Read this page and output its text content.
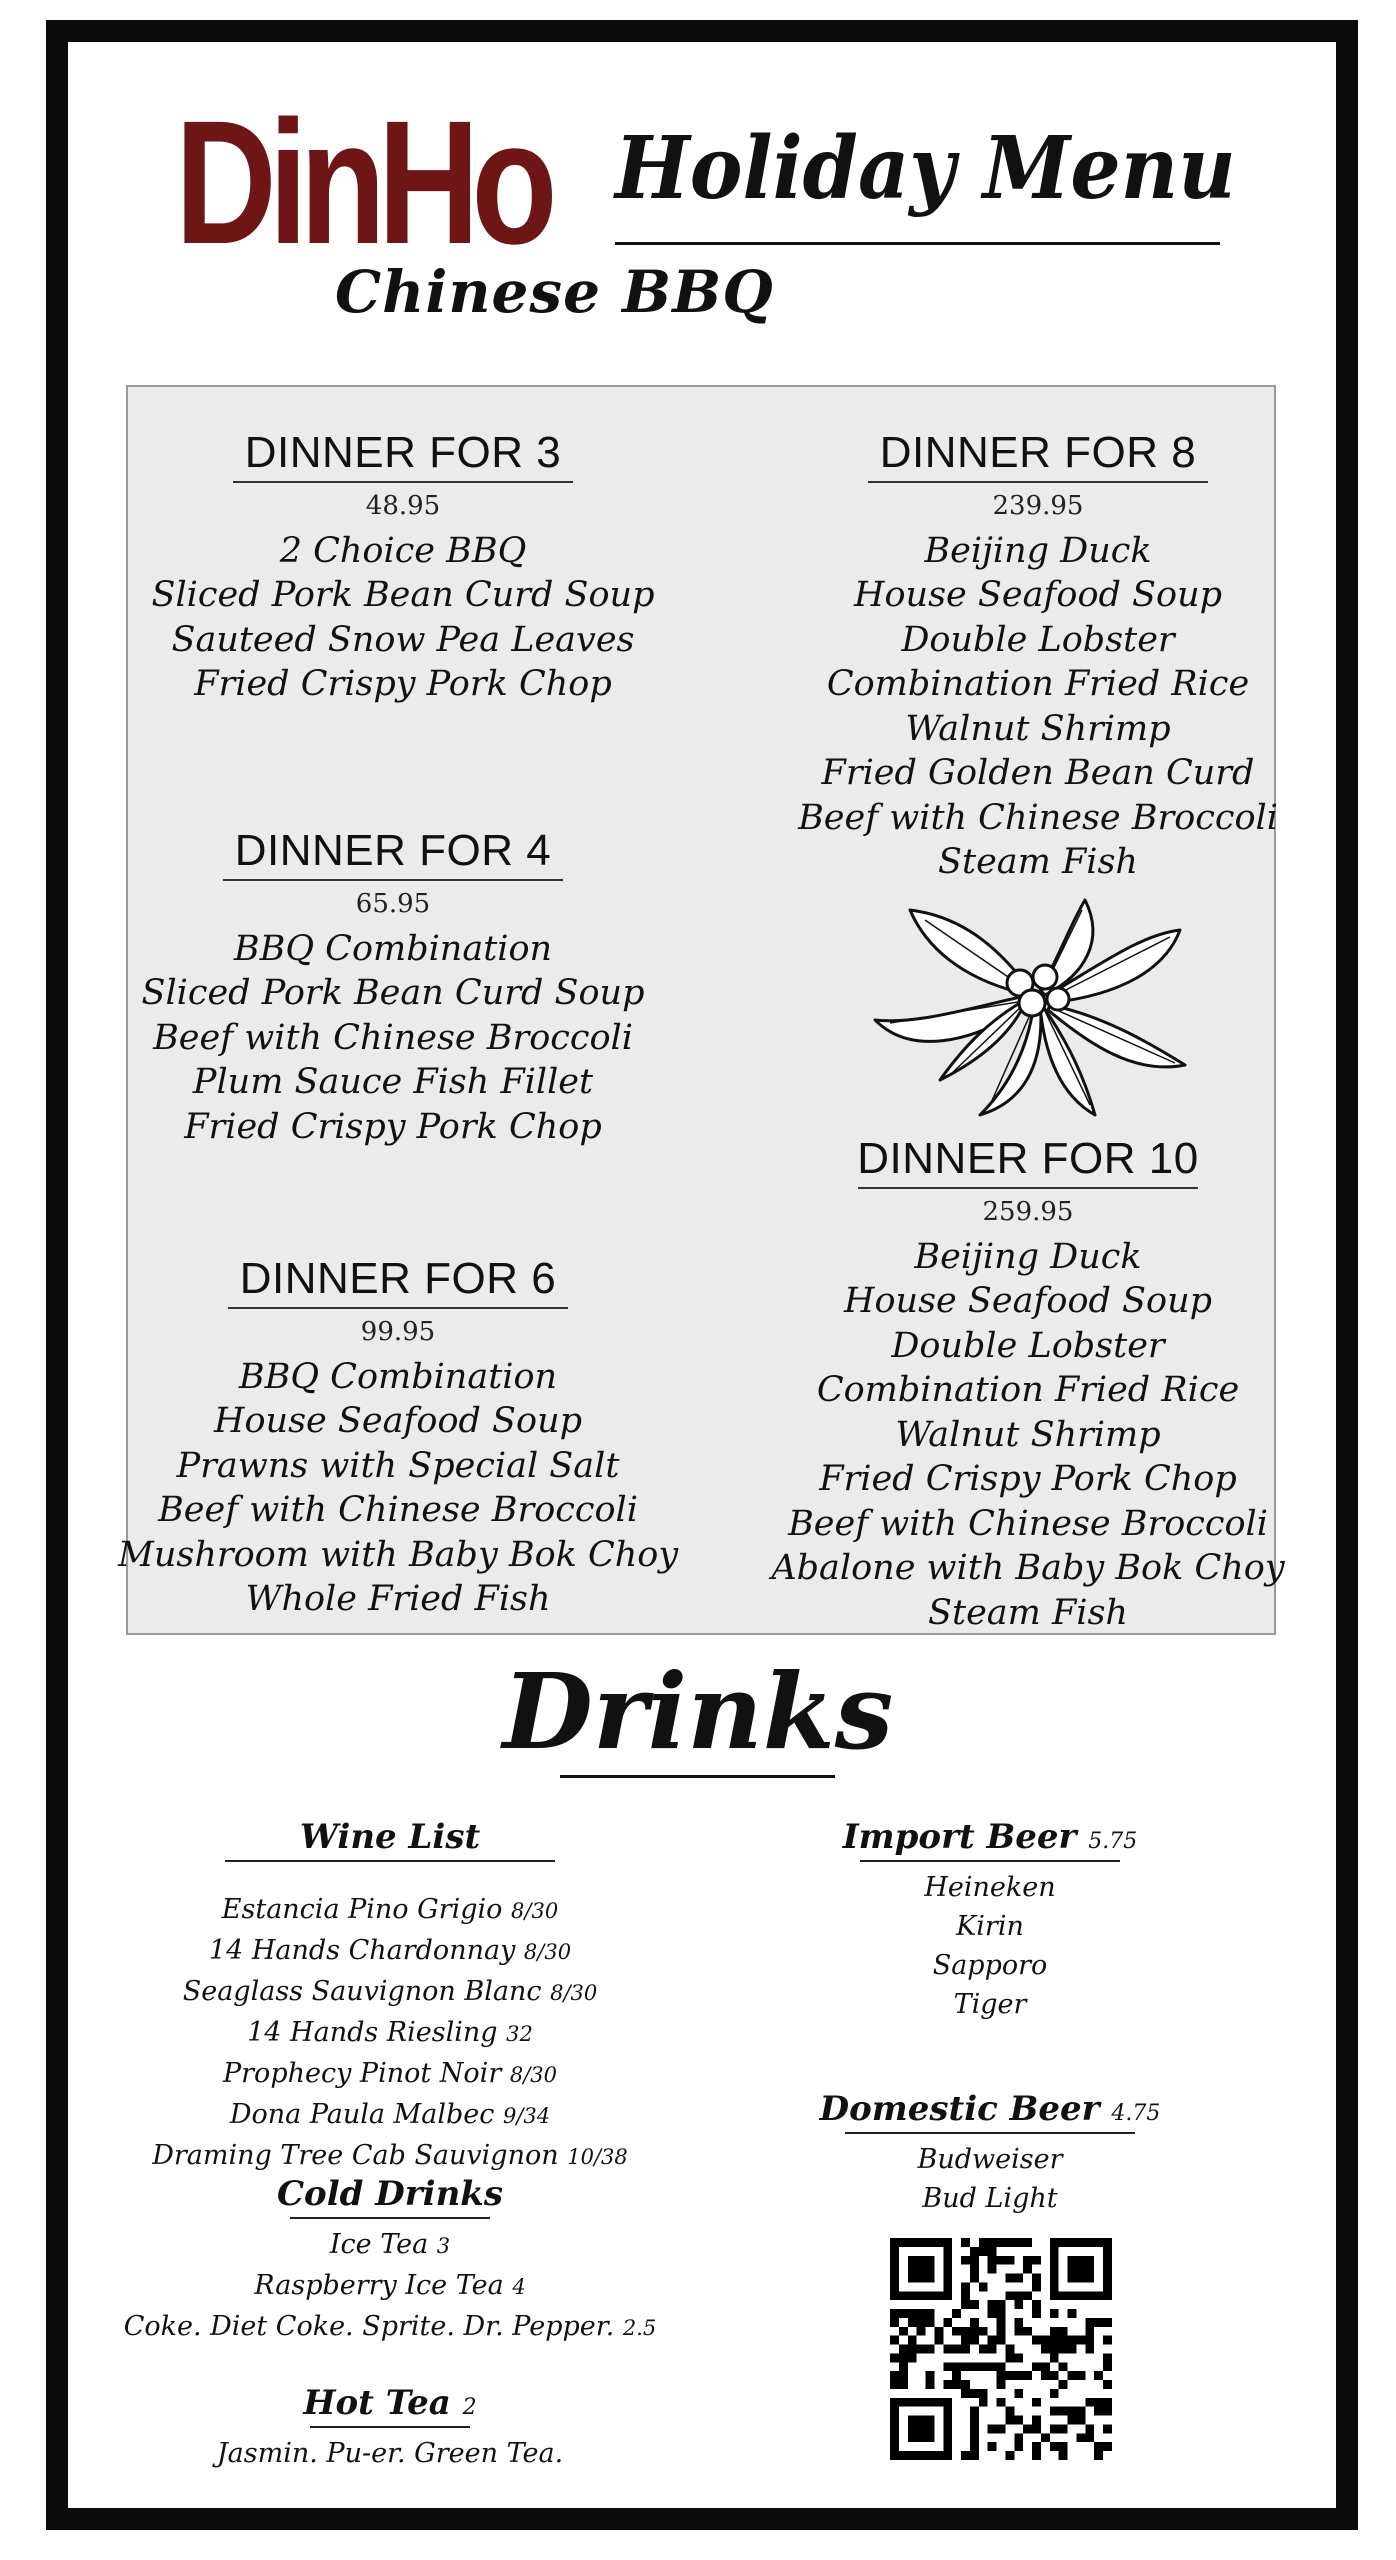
DinHo
Chinese BBQ
Holiday Menu
DINNER FOR 3
48.95
2 Choice BBQ
Sliced Pork Bean Curd Soup
Sauteed Snow Pea Leaves
Fried Crispy Pork Chop
DINNER FOR 4
65.95
BBQ Combination
Sliced Pork Bean Curd Soup
Beef with Chinese Broccoli
Plum Sauce Fish Fillet
Fried Crispy Pork Chop
DINNER FOR 6
99.95
BBQ Combination
House Seafood Soup
Prawns with Special Salt
Beef with Chinese Broccoli
Mushroom with Baby Bok Choy
Whole Fried Fish
DINNER FOR 8
239.95
Beijing Duck
House Seafood Soup
Double Lobster
Combination Fried Rice
Walnut Shrimp
Fried Golden Bean Curd
Beef with Chinese Broccoli
Steam Fish
DINNER FOR 10
259.95
Beijing Duck
House Seafood Soup
Double Lobster
Combination Fried Rice
Walnut Shrimp
Fried Crispy Pork Chop
Beef with Chinese Broccoli
Abalone with Baby Bok Choy
Steam Fish
Drinks
Wine List
Estancia Pino Grigio 8/30
14 Hands Chardonnay 8/30
Seaglass Sauvignon Blanc 8/30
14 Hands Riesling 32
Prophecy Pinot Noir 8/30
Dona Paula Malbec 9/34
Draming Tree Cab Sauvignon 10/38
Cold Drinks
Ice Tea 3
Raspberry Ice Tea 4
Coke. Diet Coke. Sprite. Dr. Pepper. 2.5
Hot Tea 2
Jasmin. Pu-er. Green Tea.
Import Beer 5.75
Heineken
Kirin
Sapporo
Tiger
Domestic Beer 4.75
Budweiser
Bud Light
